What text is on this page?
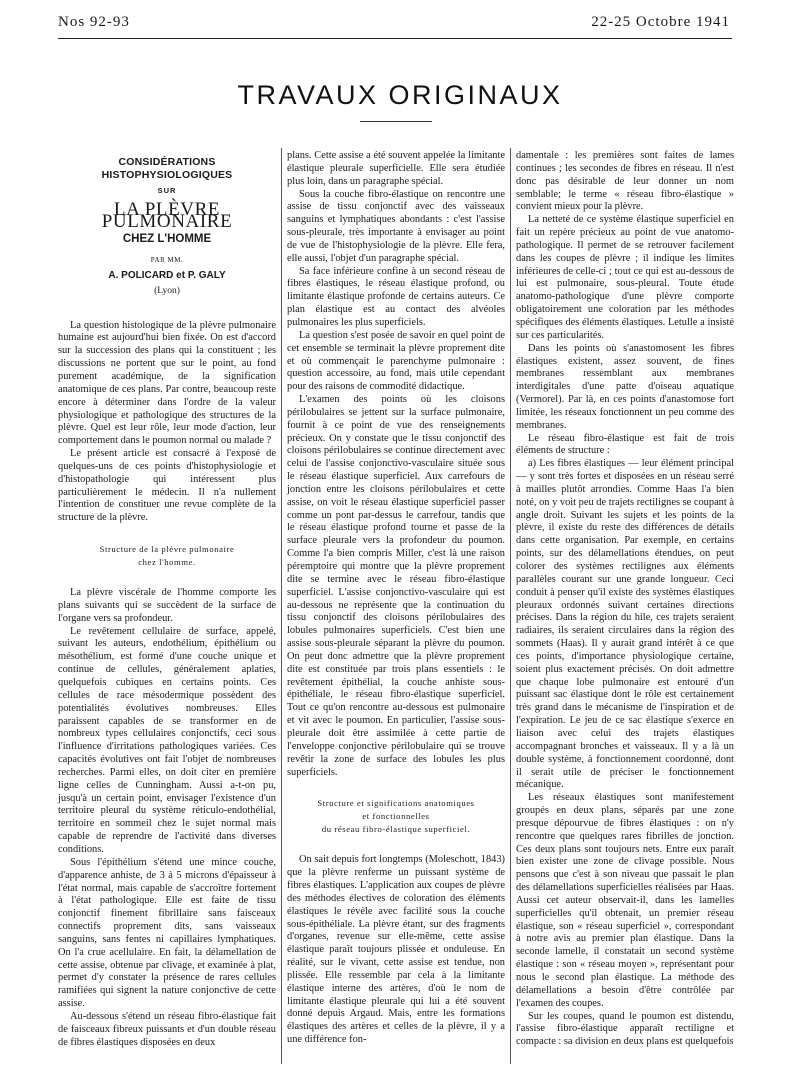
Nos 92-93	22-25 Octobre 1941
TRAVAUX ORIGINAUX
CONSIDÉRATIONS HISTOPHYSIOLOGIQUES
SUR
LA PLÈVRE PULMONAIRE
CHEZ L'HOMME
PAR MM.
A. POLICARD et P. GALY
(Lyon)

La question histologique de la plèvre pulmonaire humaine est aujourd'hui bien fixée. On est d'accord sur la succession des plans qui la constituent ; les discussions ne portent que sur le point, au fond purement académique, de la signification anatomique de ces plans. Par contre, beaucoup reste encore à déterminer dans l'ordre de la valeur physiologique et pathologique des structures de la plèvre. Quel est leur rôle, leur mode d'action, leur comportement dans le poumon normal ou malade ?

Le présent article est consacré à l'exposé de quelques-uns de ces points d'histophysiologie et d'histopathologie qui intéressent plus particulièrement le médecin. Il n'a nullement l'intention de constituer une revue complète de la structure de la plèvre.

Structure de la plèvre pulmonaire
chez l'homme.

La plèvre viscérale de l'homme comporte les plans suivants qui se succèdent de la surface de l'organe vers sa profondeur.

Le revêtement cellulaire de surface, appelé, suivant les auteurs, endothélium, épithélium ou mésothélium, est formé d'une couche unique et continue de cellules, généralement aplaties, quelquefois cubiques en certains points. Ces cellules de race mésodermique possèdent des potentialités évolutives nombreuses. Elles paraissent capables de se transformer en de nombreux types cellulaires conjonctifs, ceci sous l'influence d'irritations pathologiques variées. Ces capacités évolutives ont fait l'objet de nombreuses recherches. Parmi elles, on doit citer en première ligne celles de Cunningham. Aussi a-t-on pu, jusqu'à un certain point, envisager l'existence d'un territoire pleural du système réticulo-endothélial, territoire en sommeil chez le sujet normal mais capable de reprendre de l'activité dans diverses conditions.

Sous l'épithélium s'étend une mince couche, d'apparence anhiste, de 3 à 5 microns d'épaisseur à l'état normal, mais capable de s'accroître fortement à l'état pathologique. Elle est faite de tissu conjonctif finement fibrillaire sans faisceaux connectifs proprement dits, sans vaisseaux sanguins, sans fentes ni capillaires lymphatiques. On l'a crue acellulaire. En fait, la délamellation de cette assise, obtenue par clivage, et examinée à plat, permet d'y constater la présence de rares cellules ramifiées qui signent la nature conjonctive de cette assise.

Au-dessous s'étend un réseau fibro-élastique fait de faisceaux fibreux puissants et d'un double réseau de fibres élastiques disposées en deux

plans. Cette assise a été souvent appelée la limitante élastique pleurale superficielle. Elle sera étudiée plus loin, dans un paragraphe spécial.

Sous la couche fibro-élastique on rencontre une assise de tissu conjonctif avec des vaisseaux sanguins et lymphatiques abondants : c'est l'assise sous-pleurale, très importante à envisager au point de vue de l'histophysiologie de la plèvre. Elle fera, elle aussi, l'objet d'un paragraphe spécial.

Sa face inférieure confine à un second réseau de fibres élastiques, le réseau élastique profond, ou limitante élastique profonde de certains auteurs. Ce plan élastique est au contact des alvéoles pulmonaires les plus superficiels.

La question s'est posée de savoir en quel point de cet ensemble se terminait la plèvre proprement dite et où commençait le parenchyme pulmonaire : question accessoire, au fond, mais utile cependant pour des raisons de commodité didactique.

L'examen des points où les cloisons périlobulaires se jettent sur la surface pulmonaire, fournit à ce point de vue des renseignements précieux. On y constate que le tissu conjonctif des cloisons périlobulaires se continue directement avec celui de l'assise conjonctivo-vasculaire située sous le réseau élastique superficiel. Aux carrefours de jonction entre les cloisons périlobulaires et cette assise, on voit le réseau élastique superficiel passer comme un pont par-dessus le carrefour, tandis que le réseau élastique profond tourne et passe de la surface pleurale vers la profondeur du poumon. Comme l'a bien compris Miller, c'est là une raison péremptoire qui montre que la plèvre proprement dite se termine avec le réseau fibro-élastique superficiel. L'assise conjonctivo-vasculaire qui est au-dessous ne représente que la continuation du tissu conjonctif des cloisons périlobulaires des lobules pulmonaires superficiels. C'est bien une assise sous-pleurale séparant la plèvre du poumon. On peut donc admettre que la plèvre proprement dite est constituée par trois plans essentiels : le revêtement épithélial, la couche anhiste sous-épithéliale, le réseau fibro-élastique superficiel. Tout ce qu'on rencontre au-dessous est pulmonaire et vit avec le poumon. En particulier, l'assise sous-pleurale doit être assimilée à cette partie de l'enveloppe conjonctive périlobulaire qui se trouve revêtir la zone de surface des lobules les plus superficiels.

Structure et significations anatomiques
et fonctionnelles
du réseau fibro-élastique superficiel.

On sait depuis fort longtemps (Moleschott, 1843) que la plèvre renferme un puissant système de fibres élastiques. L'application aux coupes de plèvre des méthodes électives de coloration des éléments élastiques le révèle avec facilité sous la couche sous-épithéliale. La plèvre étant, sur des fragments d'organes, revenue sur elle-même, cette assise élastique paraît toujours plissée et onduleuse. En réalité, sur le vivant, cette assise est tendue, non plissée. Elle ressemble par cela à la limitante élastique interne des artères, d'où le nom de limitante élastique pleurale qui lui a été souvent donné depuis Argaud. Mais, entre les formations élastiques des artères et celles de la plèvre, il y a une différence fon-

damentale : les premières sont faites de lames continues ; les secondes de fibres en réseau. Il n'est donc pas désirable de leur donner un nom semblable; le terme « réseau fibro-élastique » convient mieux pour la plèvre.

La netteté de ce système élastique superficiel en fait un repère précieux au point de vue anatomo-pathologique. Il permet de se retrouver facilement dans les coupes de plèvre ; il indique les limites inférieures de celle-ci ; tout ce qui est au-dessous de lui est pulmonaire, sous-pleural. Toute étude anatomo-pathologique d'une plèvre comporte obligatoirement une coloration par les méthodes spécifiques des éléments élastiques. Letulle a insisté sur ces particularités.

Dans les points où s'anastomosent les fibres élastiques existent, assez souvent, de fines membranes ressemblant aux membranes interdigitales d'une patte d'oiseau aquatique (Vermorel). Par là, en ces points d'anastomose fort limitée, les réseaux fonctionnent un peu comme des membranes.

Le réseau fibro-élastique est fait de trois éléments de structure :

a) Les fibres élastiques — leur élément principal — y sont très fortes et disposées en un réseau serré à mailles plutôt arrondies. Comme Haas l'a bien noté, on y voit peu de trajets rectilignes se coupant à angle droit. Suivant les sujets et les points de la plèvre, il existe du reste des différences de détails dans cette organisation. Par exemple, en certains points, sur des délamellations étendues, on peut colorer des systèmes rectilignes aux éléments parallèles courant sur une grande longueur. Ceci conduit à penser qu'il existe des systèmes élastiques pleuraux ordonnés suivant certaines directions précises. Dans la région du hile, ces trajets seraient radiaires, ils seraient circulaires dans la région des sommets (Haas). Il y aurait grand intérêt à ce que ces points, d'importance physiologique certaine, soient plus exactement précisés. On doit admettre que chaque lobe pulmonaire est entouré d'un puissant sac élastique dont le rôle est certainement très grand dans le mécanisme de l'inspiration et de l'expiration. Le jeu de ce sac élastique s'exerce en liaison avec celui des trajets élastiques accompagnant bronches et vaisseaux. Il y a là un double système, à fonctionnement coordonné, dont il serait utile de préciser le fonctionnement mécanique.

Les réseaux élastiques sont manifestement groupés en deux plans, séparés par une zone presque dépourvue de fibres élastiques : on n'y rencontre que quelques rares fibrilles de jonction. Ces deux plans sont toujours nets. Entre eux paraît bien exister une zone de clivage possible. Nous pensons que c'est à son niveau que passait le plan des délamellations superficielles réalisées par Haas. Aussi cet auteur observait-il, dans les lamelles superficielles qu'il obtenait, un premier réseau élastique, son « réseau superficiel », correspondant à notre avis au premier plan élastique. Dans la seconde lamelle, il constatait un second système élastique : son « réseau moyen », représentant pour nous le second plan élastique. La méthode des délamellations a besoin d'être contrôlée par l'examen des coupes.

Sur les coupes, quand le poumon est distendu, l'assise fibro-élastique apparaît rectiligne et compacte : sa division en deux plans est quelquefois
